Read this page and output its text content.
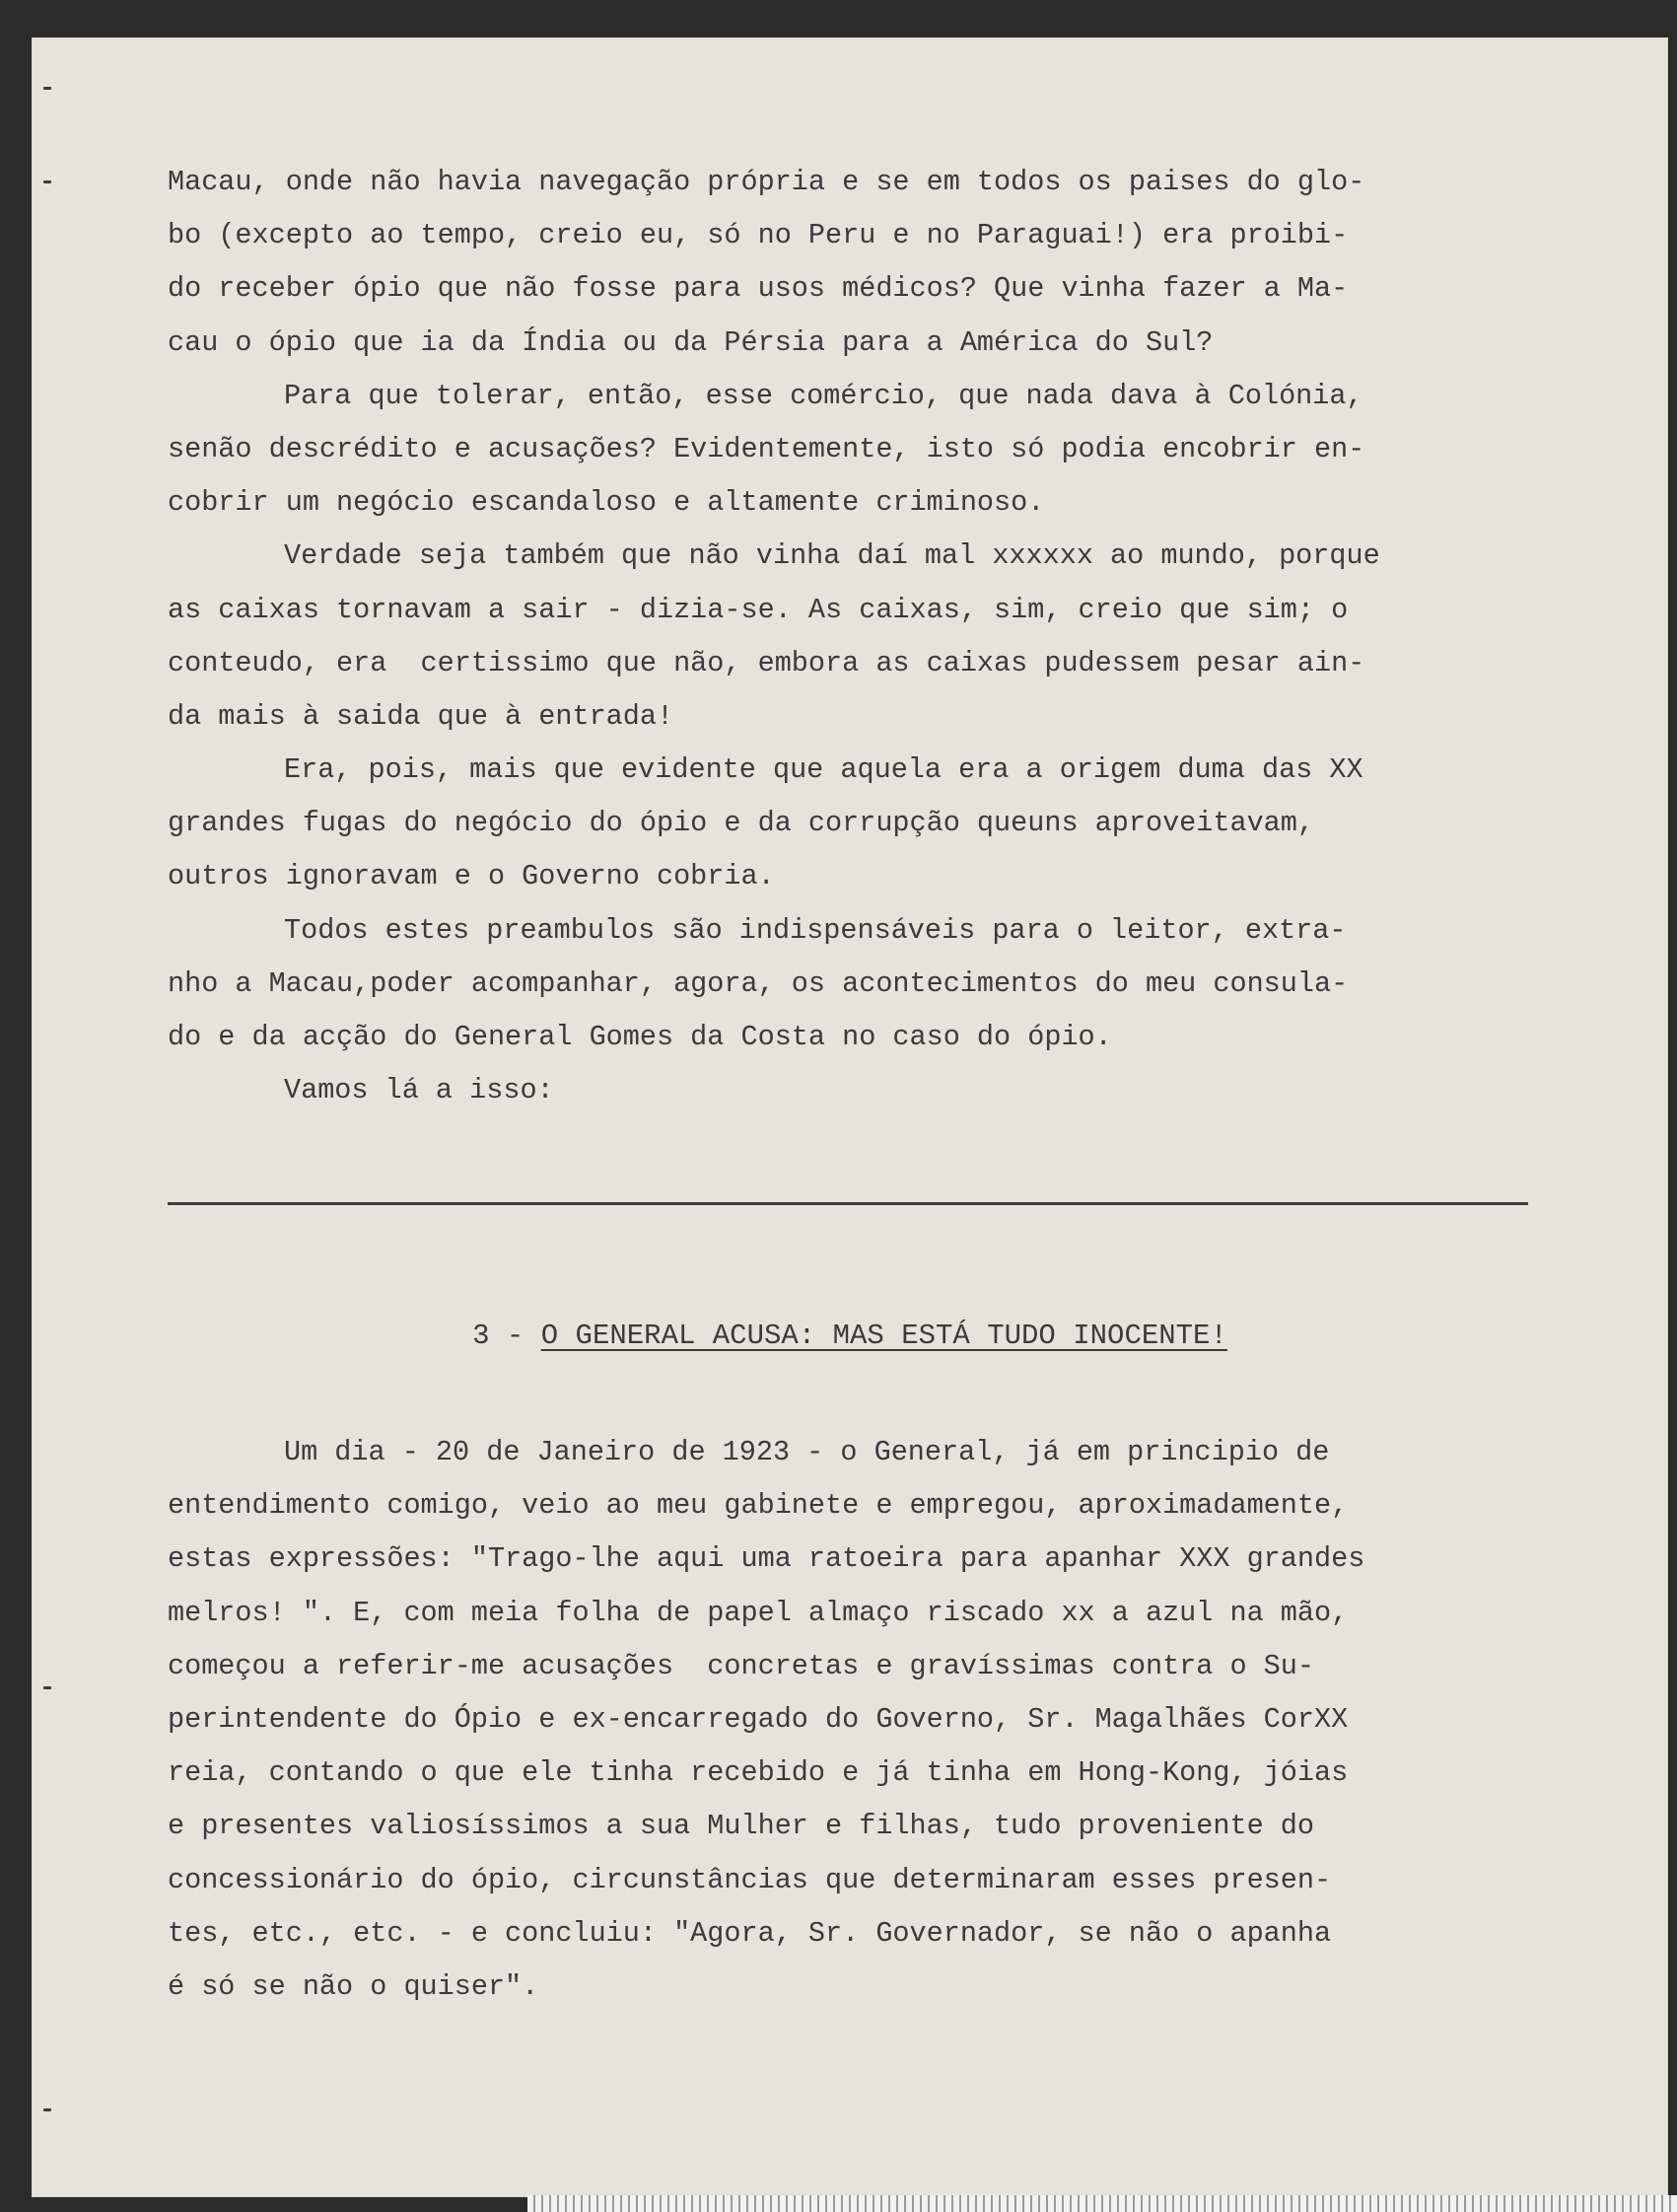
Macau, onde não havia navegação própria e se em todos os paises do glo-
bo (excepto ao tempo, creio eu, só no Peru e no Paraguai!) era proibi-
do receber ópio que não fosse para usos médicos? Que vinha fazer a Ma-
cau o ópio que ia da Índia ou da Pérsia para a América do Sul?
Para que tolerar, então, esse comércio, que nada dava à Colónia,
senão descrédito e acusações? Evidentemente, isto só podia encobrir en-
cobrir um negócio escandaloso e altamente criminoso.
Verdade seja também que não vinha daí mal xxxxxx ao mundo, porque
as caixas tornavam a sair - dizia-se. As caixas, sim, creio que sim; o
conteudo, era  certissimo que não, embora as caixas pudessem pesar ain-
da mais à saida que à entrada!
Era, pois, mais que evidente que aquela era a origem duma das XX
grandes fugas do negócio do ópio e da corrupção queuns aproveitavam,
outros ignoravam e o Governo cobria.
Todos estes preambulos são indispensáveis para o leitor, extra-
nho a Macau,poder acompanhar, agora, os acontecimentos do meu consula-
do e da acção do General Gomes da Costa no caso do ópio.
Vamos lá a isso:
3 - O GENERAL ACUSA: MAS ESTÁ TUDO INOCENTE!
Um dia - 20 de Janeiro de 1923 - o General, já em principio de
entendimento comigo, veio ao meu gabinete e empregou, aproximadamente,
estas expressões: "Trago-lhe aqui uma ratoeira para apanhar XXX grandes
melros! ". E, com meia folha de papel almaço riscado xx a azul na mão,
começou a referir-me acusações  concretas e gravíssimas contra o Su-
perintendente do Ópio e ex-encarregado do Governo, Sr. Magalhães CorXX
reia, contando o que ele tinha recebido e já tinha em Hong-Kong, jóias
e presentes valiosíssimos a sua Mulher e filhas, tudo proveniente do
concessionário do ópio, circunstâncias que determinaram esses presen-
tes, etc., etc. - e concluiu: "Agora, Sr. Governador, se não o apanha
é só se não o quiser".
